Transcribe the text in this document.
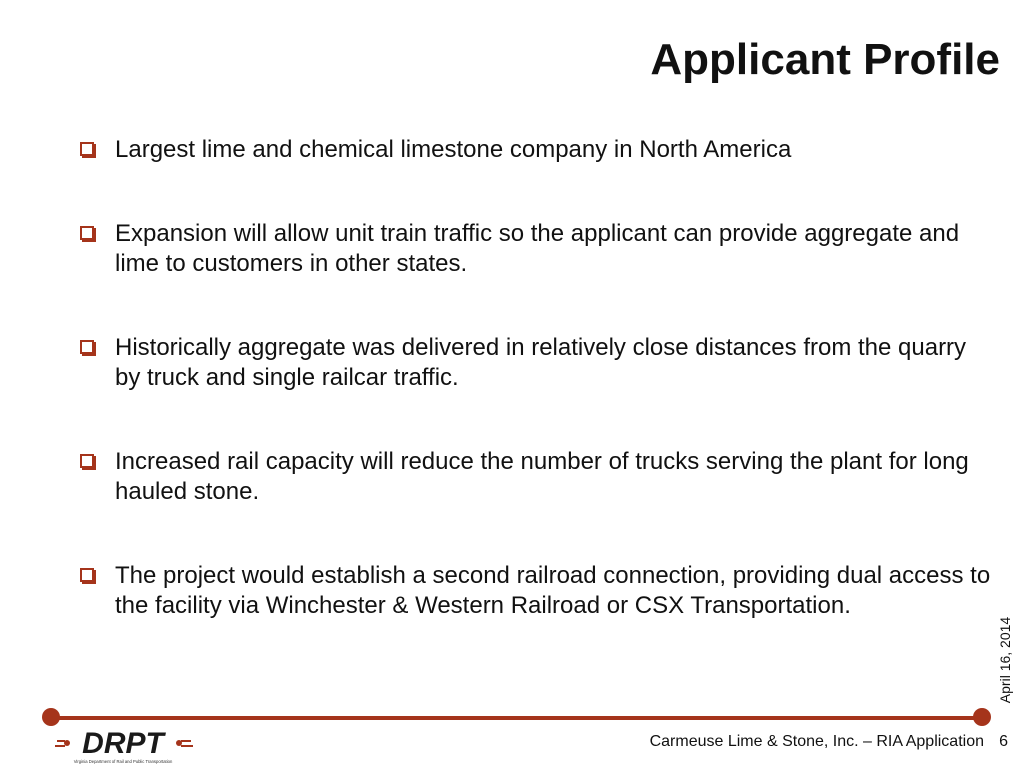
Applicant Profile
Largest lime and chemical limestone company in North America
Expansion will allow unit train traffic so the applicant can provide aggregate and lime to customers in other states.
Historically aggregate was delivered in relatively close distances from the quarry by truck and single railcar traffic.
Increased rail capacity will reduce the number of trucks serving the plant for long hauled stone.
The project would establish a second railroad connection, providing dual access to the facility via Winchester & Western Railroad or CSX Transportation.
April 16, 2014
DRPT
Virginia Department of Rail and Public Transportation
Carmeuse Lime & Stone, Inc. – RIA Application 6
